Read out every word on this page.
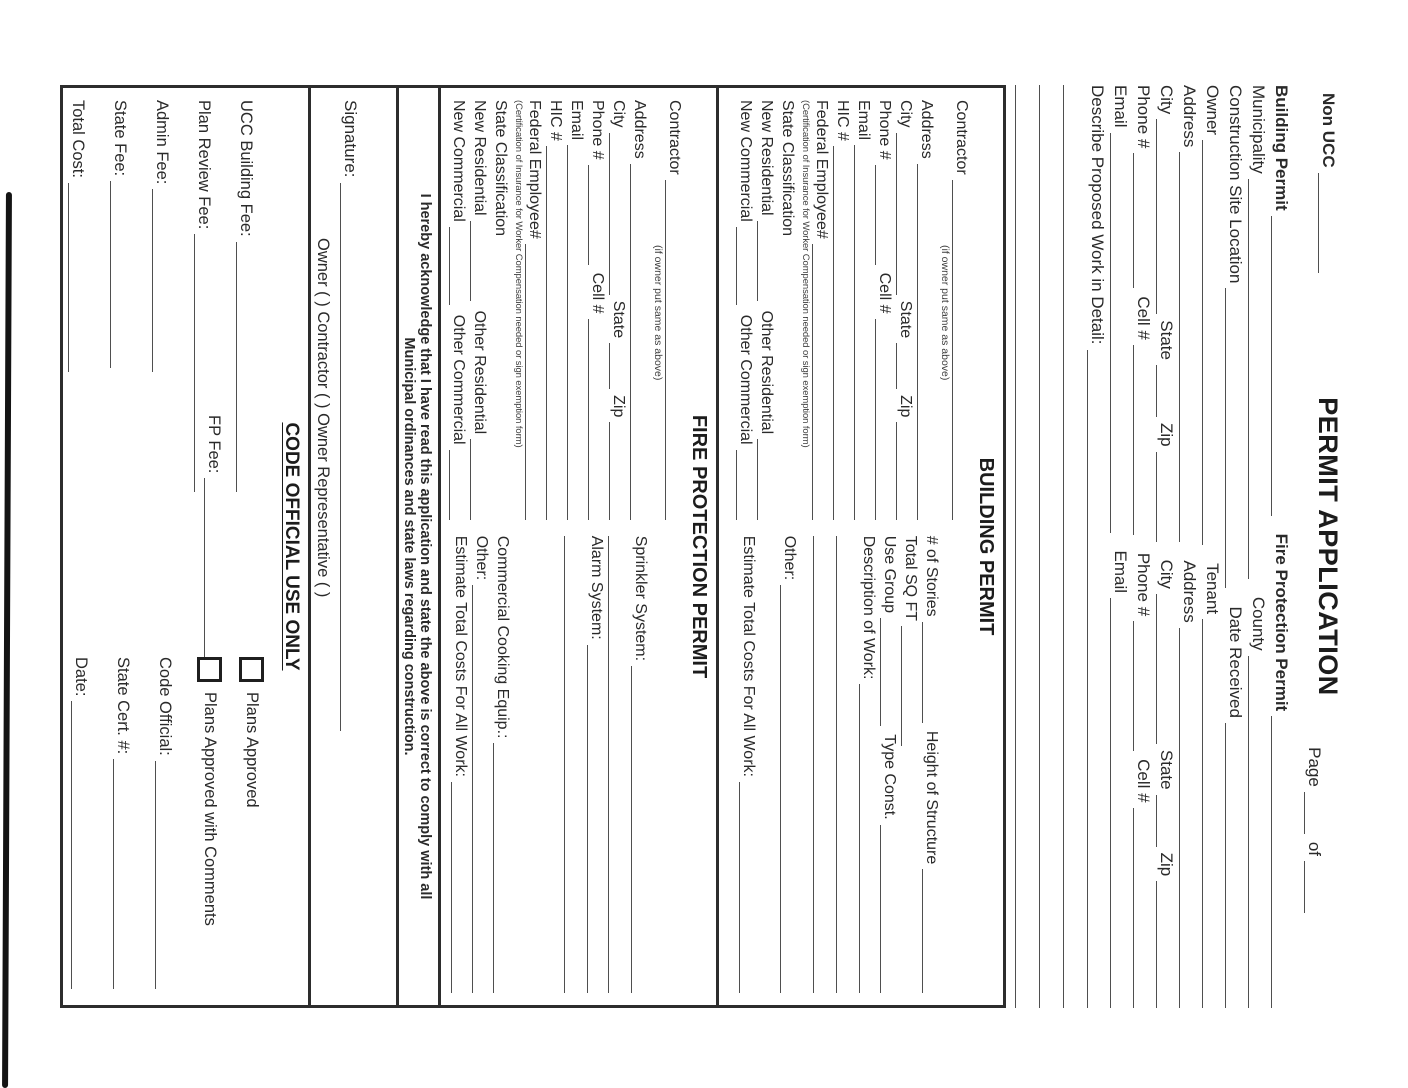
Non UCC
PERMIT APPLICATION
Page
of
Building Permit
Fire Protection Permit
Municipality
County
Construction Site Location
Date Received
Owner
Tenant
Address
Address
City
State
Zip
City
State
Zip
Phone #
Cell #
Phone #
Cell #
Email
Email
Describe Proposed Work in Detail:
BUILDING PERMIT
Contractor
(if owner put same as above)
Address
City
State
Zip
Phone #
Cell #
Email
HIC #
Federal Employee#
(Certification of Insurance for Worker Compensation needed or sign exemption form)
State Classification
New Residential
Other Residential
New Commercial
Other Commercial
# of Stories
Height of Structure
Total SQ FT
Use Group
Type Const.
Description of Work:
Other:
Estimate Total Costs For All Work:
FIRE PROTECTION PERMIT
Contractor
(if owner put same as above)
Address
City
State
Zip
Phone #
Cell #
Email
HIC #
Federal Employee#
(Certification of Insurance for Worker Compensation needed or sign exemption form)
State Classification
New Residential
Other Residential
New Commercial
Other Commercial
Sprinkler System:
Alarm System:
Commercial Cooking Equip.:
Other:
Estimate Total Costs For All Work:
I hereby acknowledge that I have read this application and state the above is correct to comply with all
Municipal ordinances and state laws regarding construction.
Signature:
Owner ( ) Contractor ( ) Owner Representative ( )
CODE OFFICIAL USE ONLY
UCC Building Fee:
Plans Approved
Plan Review Fee:
FP Fee:
Plans Approved with Comments
Admin Fee:
Code Official:
State Fee:
State Cert. #:
Total Cost:
Date:
